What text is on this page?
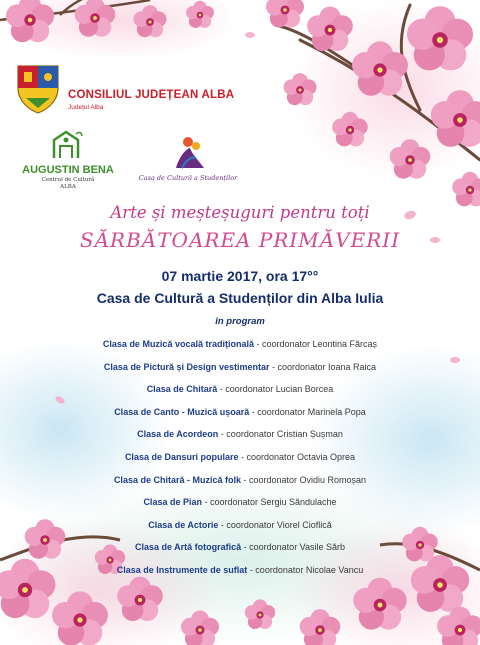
CONSILIUL JUDEȚEAN ALBA
Județul Alba
AUGUSTIN BENA
Centrul de Cultură
ALBA
Casa de Cultură a Studenților
Arte și meșteșuguri pentru toți
SĂRBĂTOAREA PRIMĂVERII
07 martie 2017, ora 17°°
Casa de Cultură a Studenților din Alba Iulia
în program
Clasa de Muzică vocală tradițională - coordonator Leontina Fărcaș
Clasa de Pictură și Design vestimentar - coordonator Ioana Raica
Clasa de Chitară - coordonator Lucian Borcea
Clasa de Canto - Muzică ușoară - coordonator Marinela Popa
Clasa de Acordeon - coordonator Cristian Șușman
Clasa de Dansuri populare - coordonator Octavia Oprea
Clasa de Chitară - Muzică folk - coordonator Ovidiu Romoșan
Clasa de Pian - coordonator Sergiu Săndulache
Clasa de Actorie - coordonator Viorel Cioflică
Clasa de Artă fotografică - coordonator Vasile Sărb
Clasa de Instrumente de suflat - coordonator Nicolae Vancu
